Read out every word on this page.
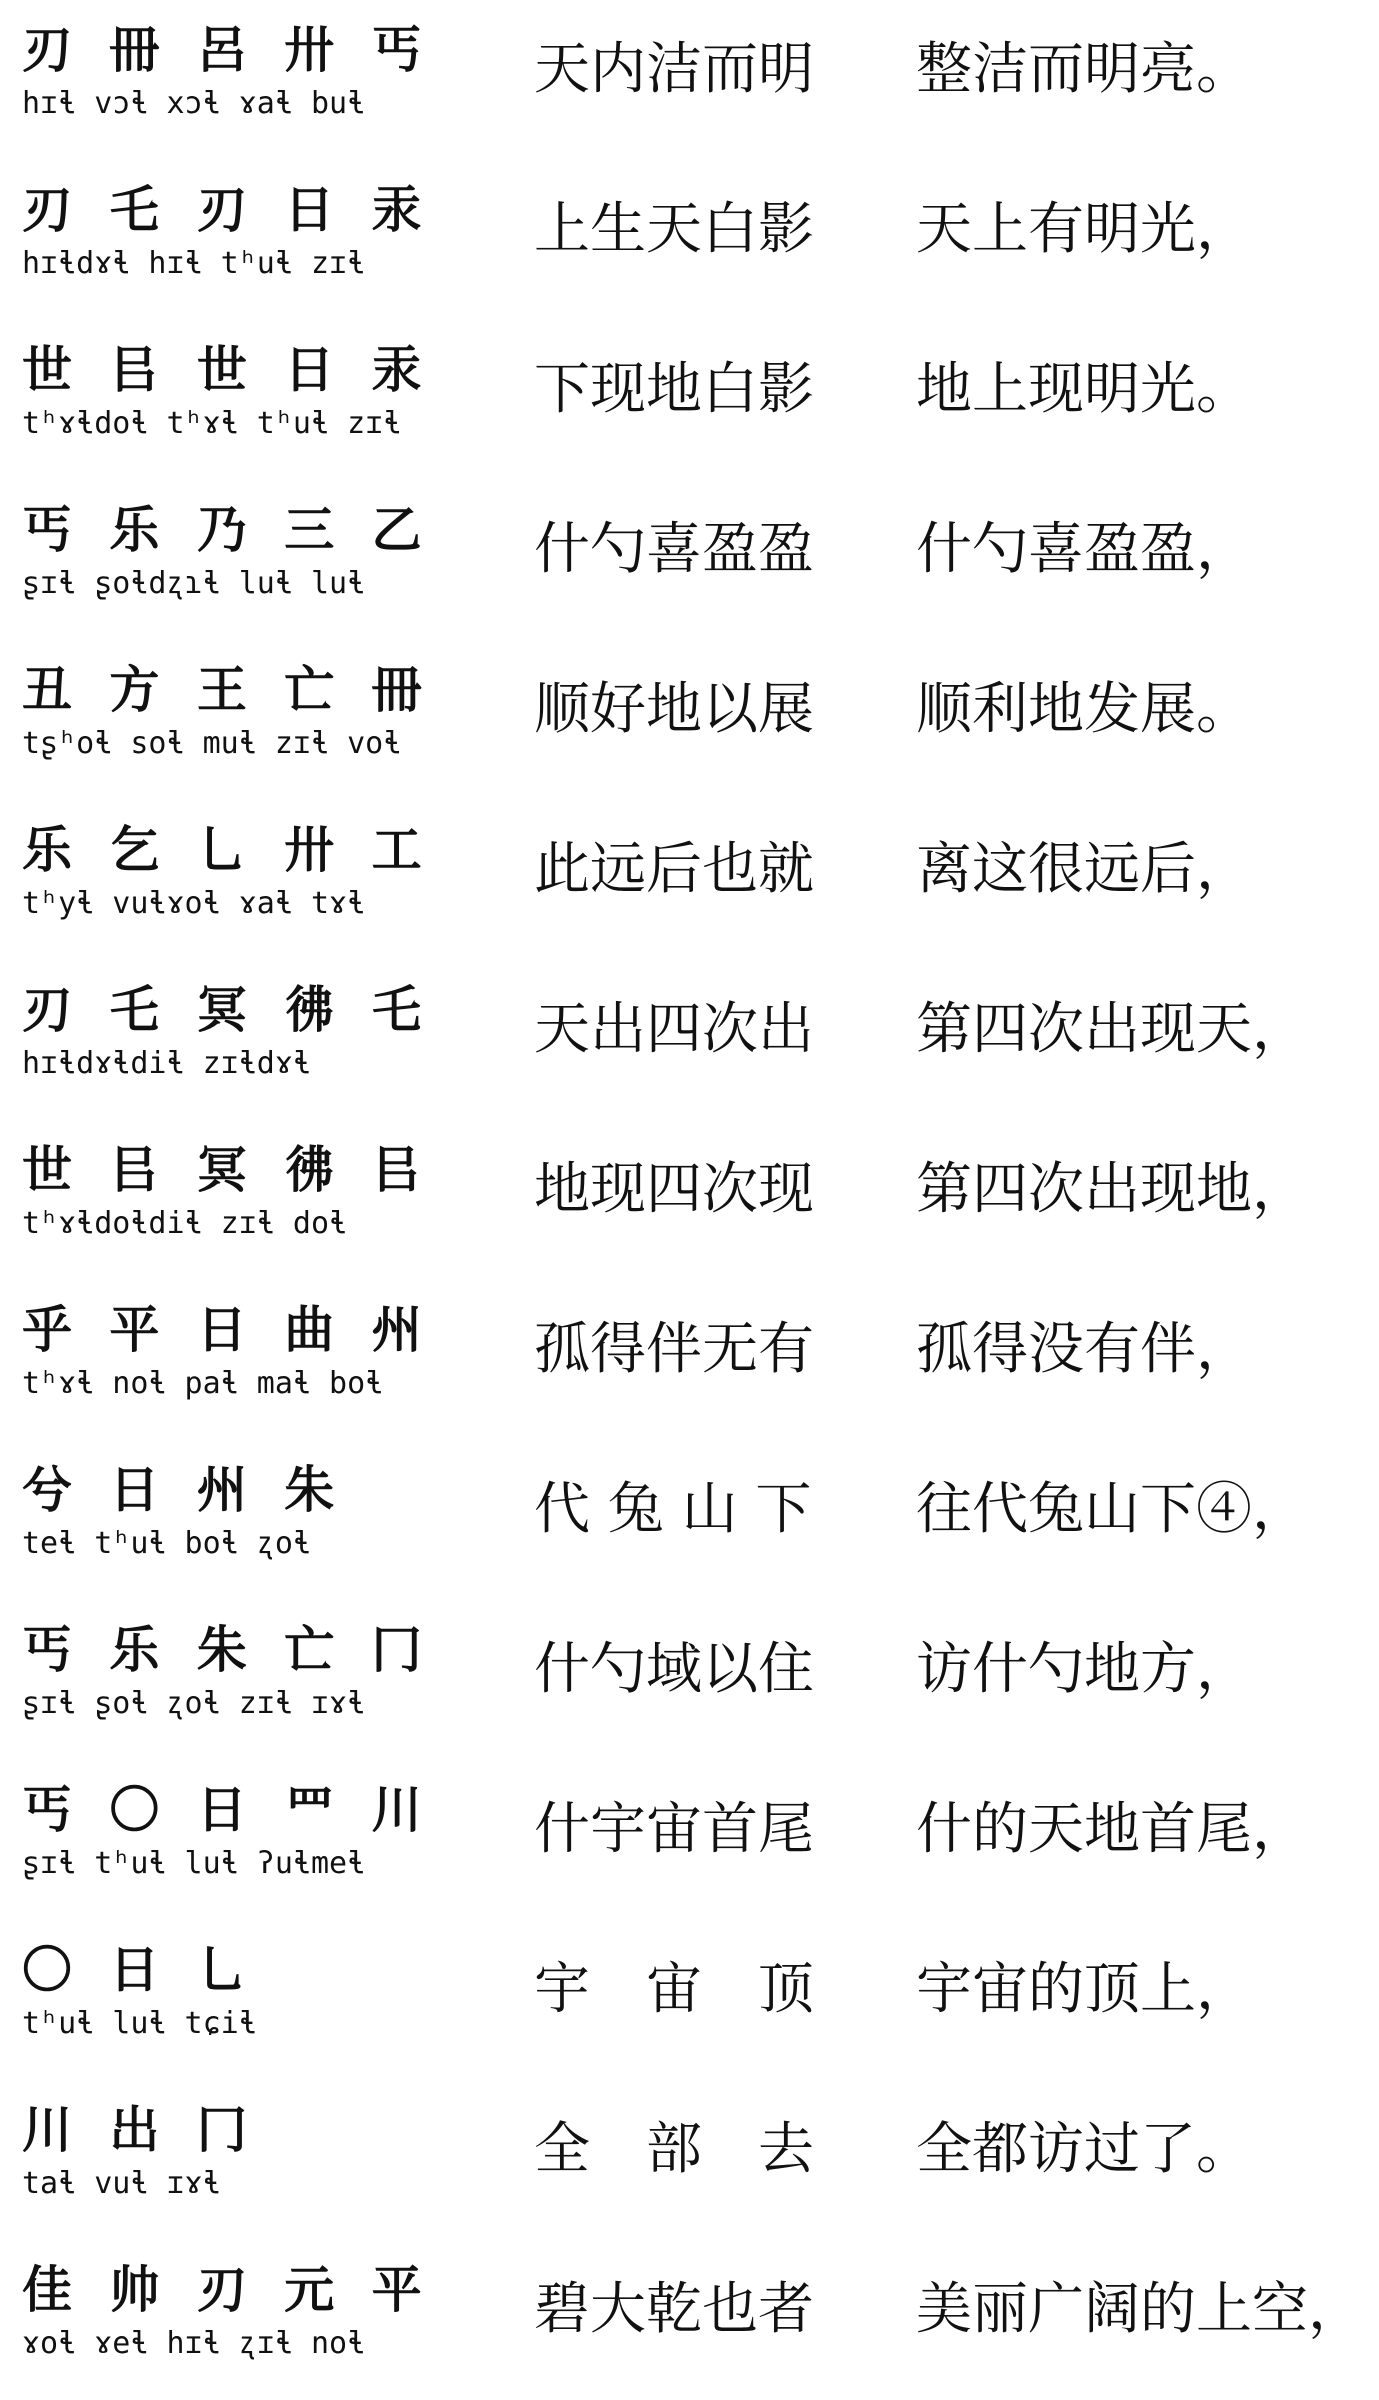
刃 冊 呂 卅 丐
hɪɬ vɔɬ xɔɬ ɤaɬ buɬ
天内洁而明 整洁而明亮。
刃 乇 刃 日 汞
hɪɬdɤɬ hɪɬ tʰuɬ zɪɬ
上生天白影 天上有明光，
世 㠯 世 日 汞
tʰɤɬdoɬ tʰɤɬ tʰuɬ zɪɬ
下现地白影 地上现明光。
丐 乐 乃 三 乙
ʂɪɬ ʂoɬdʐɿɬ luɬ luɬ
什勺喜盈盈 什勺喜盈盈，
丑 方 王 亡 冊
tʂʰoɬ soɬ muɬ zɪɬ voɬ
顺好地以展 顺利地发展。
乐 乞 乚 卅 工
tʰyɬ vuɬɤoɬ ɤaɬ tɤɬ
此远后也就 离这很远后，
刃 乇 冥 彿 乇
hɪɬdɤɬdiɬ zɪɬdɤɬ
天出四次出 第四次出现天，
世 㠯 冥 彿 㠯
tʰɤɬdoɬdiɬ zɪɬ doɬ
地现四次现 第四次出现地，
乎 平 日 曲 州
tʰɤɬ noɬ paɬ maɬ boɬ
孤得伴无有 孤得没有伴，
兮 日 州 朱
teɬ tʰuɬ boɬ ʐoɬ
代 兔 山 下 往代兔山下④，
丐 乐 朱 亡 冂
ʂɪɬ ʂoɬ ʐoɬ zɪɬ ɪɤɬ
什勺域以住 访什勺地方，
丐 〇 日 罒 川
ʂɪɬ tʰuɬ luɬ ʔuɬmeɬ
什宇宙首尾 什的天地首尾，
〇 日 乚
tʰuɬ luɬ tɕiɬ
宇　宙　顶 宇宙的顶上，
川 出 冂
taɬ vuɬ ɪɤɬ
全　部　去 全都访过了。
佳 帅 刃 元 平
ɤoɬ ɤeɬ hɪɬ ʐɪɬ noɬ
碧大乾也者 美丽广阔的上空，
